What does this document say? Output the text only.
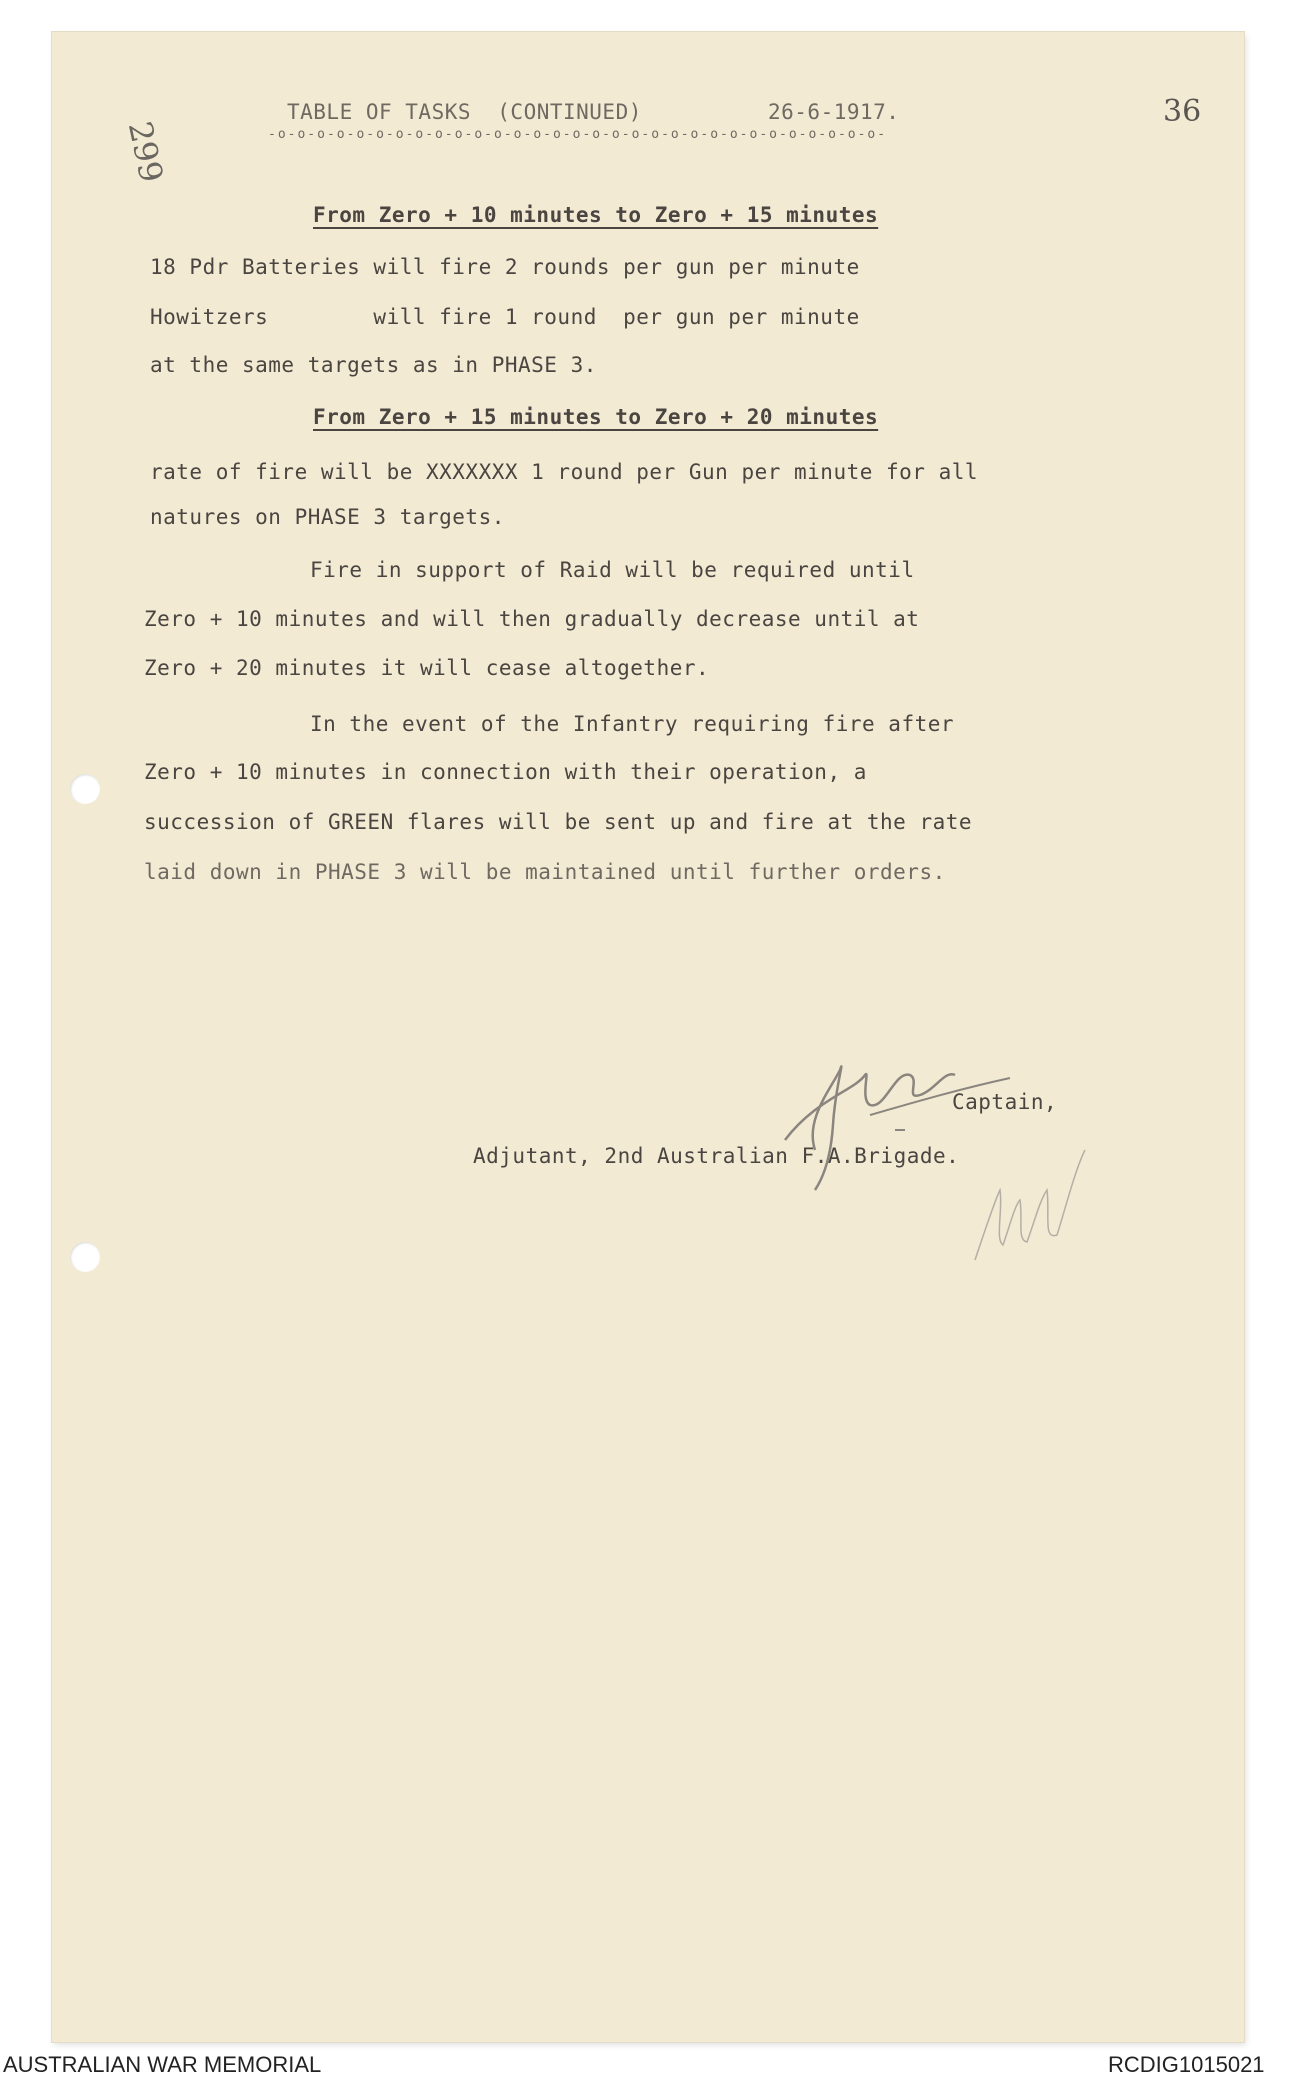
TABLE OF TASKS  (CONTINUED)	26-6-1917.	36
299	-o-o-o-o-o-o-o-o-o-o-o-o-o-o-o-o-o-o-o-o-o-o-o-o-o-o-o-o-o-o-o-
From Zero + 10 minutes to Zero + 15 minutes
18 Pdr Batteries will fire 2 rounds per gun per minute
Howitzers        will fire 1 round  per gun per minute
at the same targets as in PHASE 3.
From Zero + 15 minutes to Zero + 20 minutes
rate of fire will be XXXXXXX 1 round per Gun per minute for all
natures on PHASE 3 targets.
Fire in support of Raid will be required until
Zero + 10 minutes and will then gradually decrease until at
Zero + 20 minutes it will cease altogether.
In the event of the Infantry requiring fire after
Zero + 10 minutes in connection with their operation, a
succession of GREEN flares will be sent up and fire at the rate
laid down in PHASE 3 will be maintained until further orders.
Captain,
Adjutant, 2nd Australian F.A.Brigade.
AUSTRALIAN WAR MEMORIAL	RCDIG1015021
